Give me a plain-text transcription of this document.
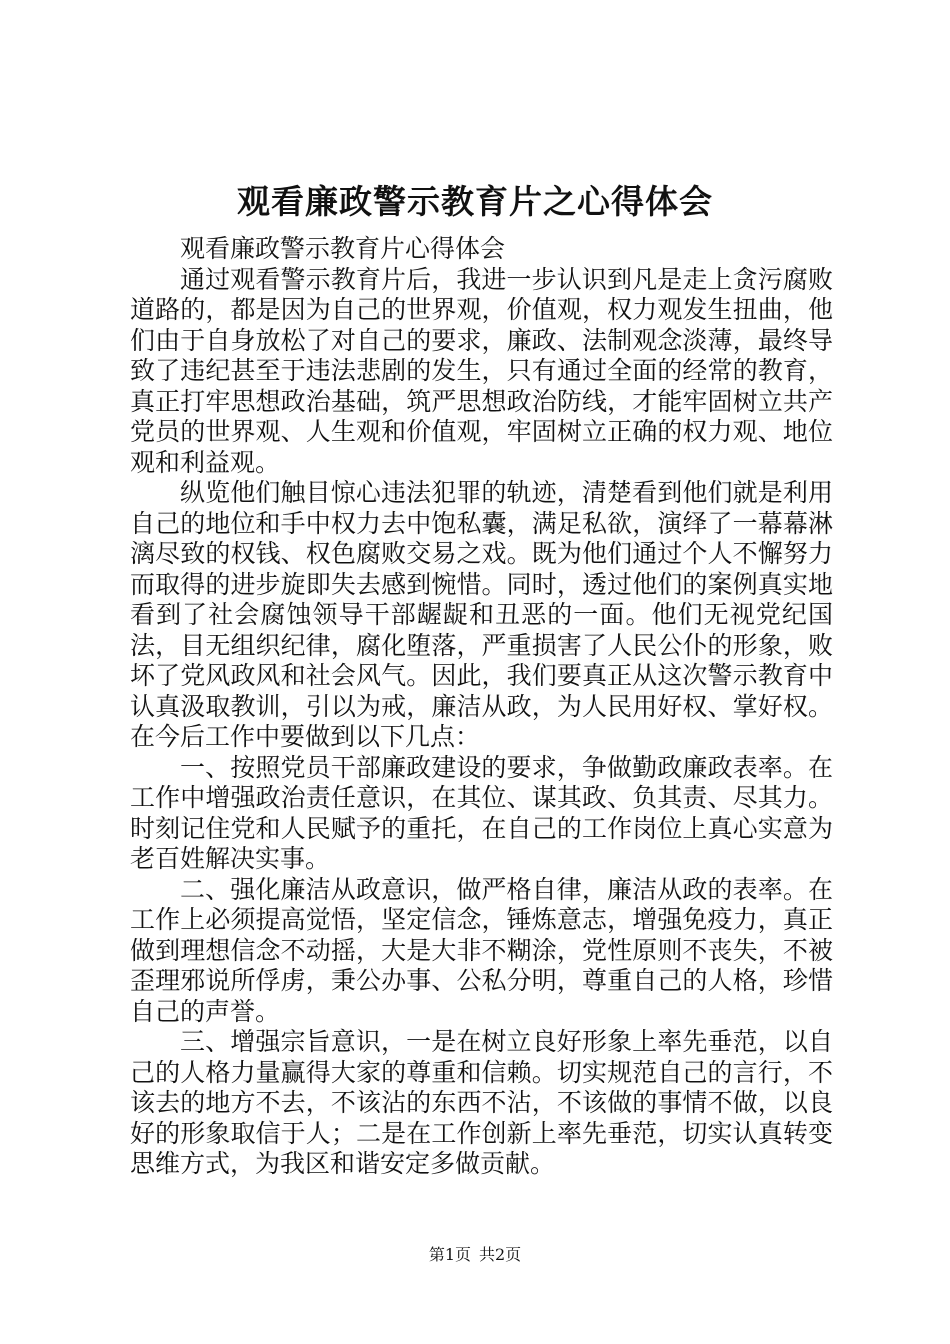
观看廉政警示教育片之心得体会

观看廉政警示教育片心得体会

通过观看警示教育片后，我进一步认识到凡是走上贪污腐败道路的，都是因为自己的世界观，价值观，权力观发生扭曲，他们由于自身放松了对自己的要求，廉政、法制观念淡薄，最终导致了违纪甚至于违法悲剧的发生，只有通过全面的经常的教育，真正打牢思想政治基础，筑严思想政治防线，才能牢固树立共产党员的世界观、人生观和价值观，牢固树立正确的权力观、地位观和利益观。

纵览他们触目惊心违法犯罪的轨迹，清楚看到他们就是利用自己的地位和手中权力去中饱私囊，满足私欲，演绎了一幕幕淋漓尽致的权钱、权色腐败交易之戏。既为他们通过个人不懈努力而取得的进步旋即失去感到惋惜。同时，透过他们的案例真实地看到了社会腐蚀领导干部龌龊和丑恶的一面。他们无视党纪国法，目无组织纪律，腐化堕落，严重损害了人民公仆的形象，败坏了党风政风和社会风气。因此，我们要真正从这次警示教育中认真汲取教训，引以为戒，廉洁从政，为人民用好权、掌好权。在今后工作中要做到以下几点：

一、按照党员干部廉政建设的要求，争做勤政廉政表率。在工作中增强政治责任意识，在其位、谋其政、负其责、尽其力。时刻记住党和人民赋予的重托，在自己的工作岗位上真心实意为老百姓解决实事。

二、强化廉洁从政意识，做严格自律，廉洁从政的表率。在工作上必须提高觉悟，坚定信念，锤炼意志，增强免疫力，真正做到理想信念不动摇，大是大非不糊涂，党性原则不丧失，不被歪理邪说所俘虏，秉公办事、公私分明，尊重自己的人格，珍惜自己的声誉。

三、增强宗旨意识，一是在树立良好形象上率先垂范，以自己的人格力量赢得大家的尊重和信赖。切实规范自己的言行，不该去的地方不去，不该沾的东西不沾，不该做的事情不做，以良好的形象取信于人；二是在工作创新上率先垂范，切实认真转变思维方式，为我区和谐安定多做贡献。

第1页 共2页
